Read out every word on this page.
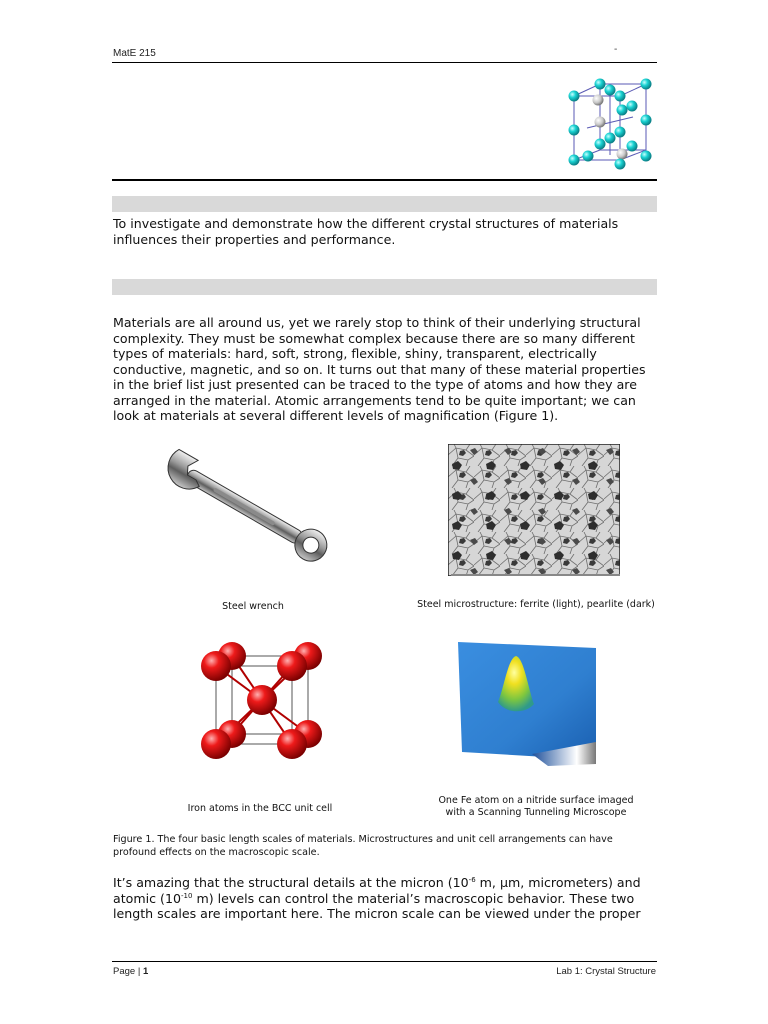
MatE 215	-

To investigate and demonstrate how the different crystal structures of materials
influences their properties and performance.

Materials are all around us, yet we rarely stop to think of their underlying structural
complexity. They must be somewhat complex because there are so many different
types of materials: hard, soft, strong, flexible, shiny, transparent, electrically
conductive, magnetic, and so on. It turns out that many of these material properties
in the brief list just presented can be traced to the type of atoms and how they are
arranged in the material. Atomic arrangements tend to be quite important; we can
look at materials at several different levels of magnification (Figure 1).

Steel wrench	Steel microstructure: ferrite (light), pearlite (dark)
Iron atoms in the BCC unit cell
One Fe atom on a nitride surface imaged
with a Scanning Tunneling Microscope
Figure 1. The four basic length scales of materials. Microstructures and unit cell arrangements can have
profound effects on the macroscopic scale.
It’s amazing that the structural details at the micron ($10^{-6}$ m, μm, micrometers) and
atomic ($10^{-10}$ m) levels can control the material’s macroscopic behavior. These two
length scales are important here. The micron scale can be viewed under the proper
Page | 1	Lab 1: Crystal Structure
